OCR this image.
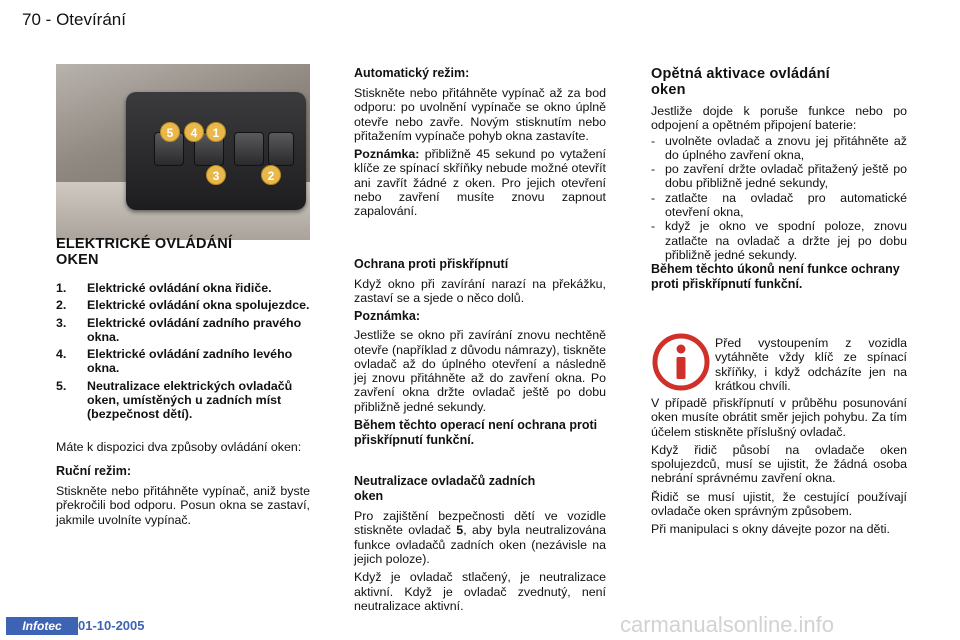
70 - Otevírání
5	4	1
3	2
ELEKTRICKÉ OVLÁDÁNÍ
OKEN
1. Elektrické ovládání okna řidiče.
2. Elektrické ovládání okna spolujezdce.
3. Elektrické ovládání zadního pravého okna.
4. Elektrické ovládání zadního levého okna.
5. Neutralizace elektrických ovladačů oken, umístěných u zadních míst (bezpečnost dětí).

Máte k dispozici dva způsoby ovládání oken:

Ruční režim:

Stiskněte nebo přitáhněte vypínač, aniž byste překročili bod odporu. Posun okna se zastaví, jakmile uvolníte vypínač.

Automatický režim:

Stiskněte nebo přitáhněte vypínač až za bod odporu: po uvolnění vypínače se okno úplně otevře nebo zavře. Novým stisknutím nebo přitažením vypínače pohyb okna zastavíte.

Poznámka: přibližně 45 sekund po vytažení klíče ze spínací skříňky nebude možné otevřít ani zavřít žádné z oken. Pro jejich otevření nebo zavření musíte znovu zapnout zapalování.

Ochrana proti přiskřípnutí

Když okno při zavírání narazí na překážku, zastaví se a sjede o něco dolů.

Poznámka:

Jestliže se okno při zavírání znovu nechtěně otevře (například z důvodu námrazy), tiskněte ovladač až do úplného otevření a následně jej znovu přitáhněte až do zavření okna. Po zavření okna držte ovladač ještě po dobu přibližně jedné sekundy.

Během těchto operací není ochrana proti přiskřípnutí funkční.
Neutralizace ovladačů zadních
oken

Pro zajištění bezpečnosti dětí ve vozidle stiskněte ovladač 5, aby byla neutralizována funkce ovladačů zadních oken (nezávisle na jejich poloze).

Když je ovladač stlačený, je neutralizace aktivní. Když je ovladač zvednutý, není neutralizace aktivní.

Opětná aktivace ovládání
oken

Jestliže dojde k poruše funkce nebo po odpojení a opětném připojení baterie:

- uvolněte ovladač a znovu jej přitáhněte až do úplného zavření okna,
- po zavření držte ovladač přitažený ještě po dobu přibližně jedné sekundy,
- zatlačte na ovladač pro automatické otevření okna,
- když je okno ve spodní poloze, znovu zatlačte na ovladač a držte jej po dobu přibližně jedné sekundy.
Během těchto úkonů není funkce ochrany proti přiskřípnutí funkční.

Před vystoupením z vozidla vytáhněte vždy klíč ze spínací skříňky, i když odcházíte jen na krátkou chvíli.

V případě přiskřípnutí v průběhu posunování oken musíte obrátit směr jejich pohybu. Za tím účelem stiskněte příslušný ovladač.

Když řidič působí na ovladače oken spolujezdců, musí se ujistit, že žádná osoba nebrání správnému zavření okna.

Řidič se musí ujistit, že cestující používají ovladače oken správným způsobem.

Při manipulaci s okny dávejte pozor na děti.

Infotec	01-10-2005	carmanualsonline.info
